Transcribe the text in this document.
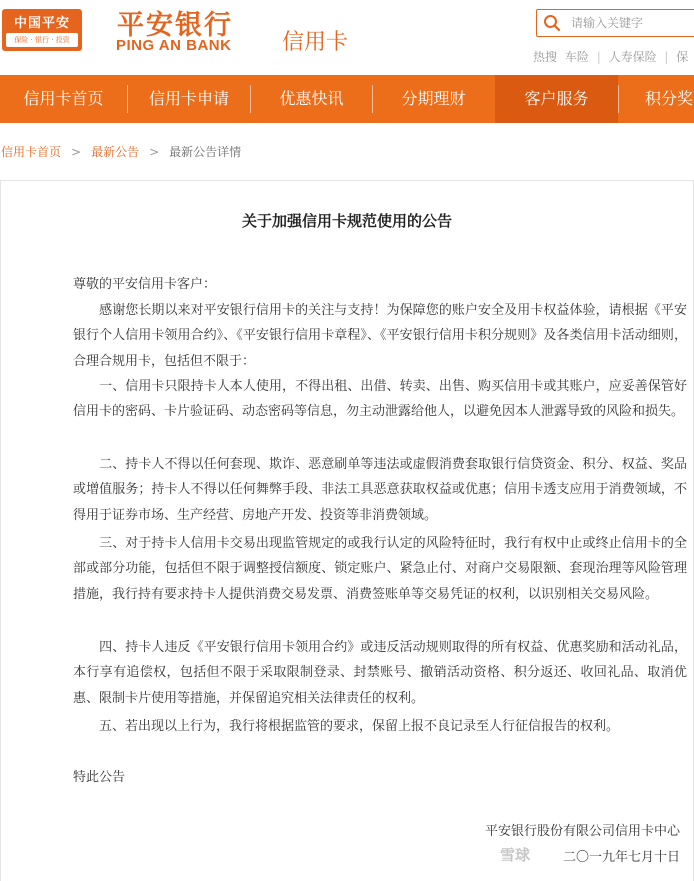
中国平安
保险 · 银行 · 投资	平安银行
PING AN BANK 信用卡
请输入关键字
热搜 车险 | 人寿保险 | 保
信用卡首页	信用卡申请	优惠快讯	分期理财	客户服务	积分奖
信用卡首页 > 最新公告 > 最新公告详情
关于加强信用卡规范使用的公告
尊敬的平安信用卡客户：
　　感谢您长期以来对平安银行信用卡的关注与支持！为保障您的账户安全及用卡权益体验，请根据《平安银行个人信用卡领用合约》、《平安银行信用卡章程》、《平安银行信用卡积分规则》及各类信用卡活动细则，合理合规用卡，包括但不限于：
　　一、信用卡只限持卡人本人使用，不得出租、出借、转卖、出售、购买信用卡或其账户，应妥善保管好信用卡的密码、卡片验证码、动态密码等信息，勿主动泄露给他人，以避免因本人泄露导致的风险和损失。
　　二、持卡人不得以任何套现、欺诈、恶意刷单等违法或虚假消费套取银行信贷资金、积分、权益、奖品或增值服务；持卡人不得以任何舞弊手段、非法工具恶意获取权益或优惠；信用卡透支应用于消费领域，不得用于证券市场、生产经营、房地产开发、投资等非消费领域。
　　三、对于持卡人信用卡交易出现监管规定的或我行认定的风险特征时，我行有权中止或终止信用卡的全部或部分功能，包括但不限于调整授信额度、锁定账户、紧急止付、对商户交易限额、套现治理等风险管理措施，我行持有要求持卡人提供消费交易发票、消费签账单等交易凭证的权利，以识别相关交易风险。
　　四、持卡人违反《平安银行信用卡领用合约》或违反活动规则取得的所有权益、优惠奖励和活动礼品，本行享有追偿权，包括但不限于采取限制登录、封禁账号、撤销活动资格、积分返还、收回礼品、取消优惠、限制卡片使用等措施，并保留追究相关法律责任的权利。
　　五、若出现以上行为，我行将根据监管的要求，保留上报不良记录至人行征信报告的权利。
特此公告
平安银行股份有限公司信用卡中心
二〇一九年七月十日
雪球
